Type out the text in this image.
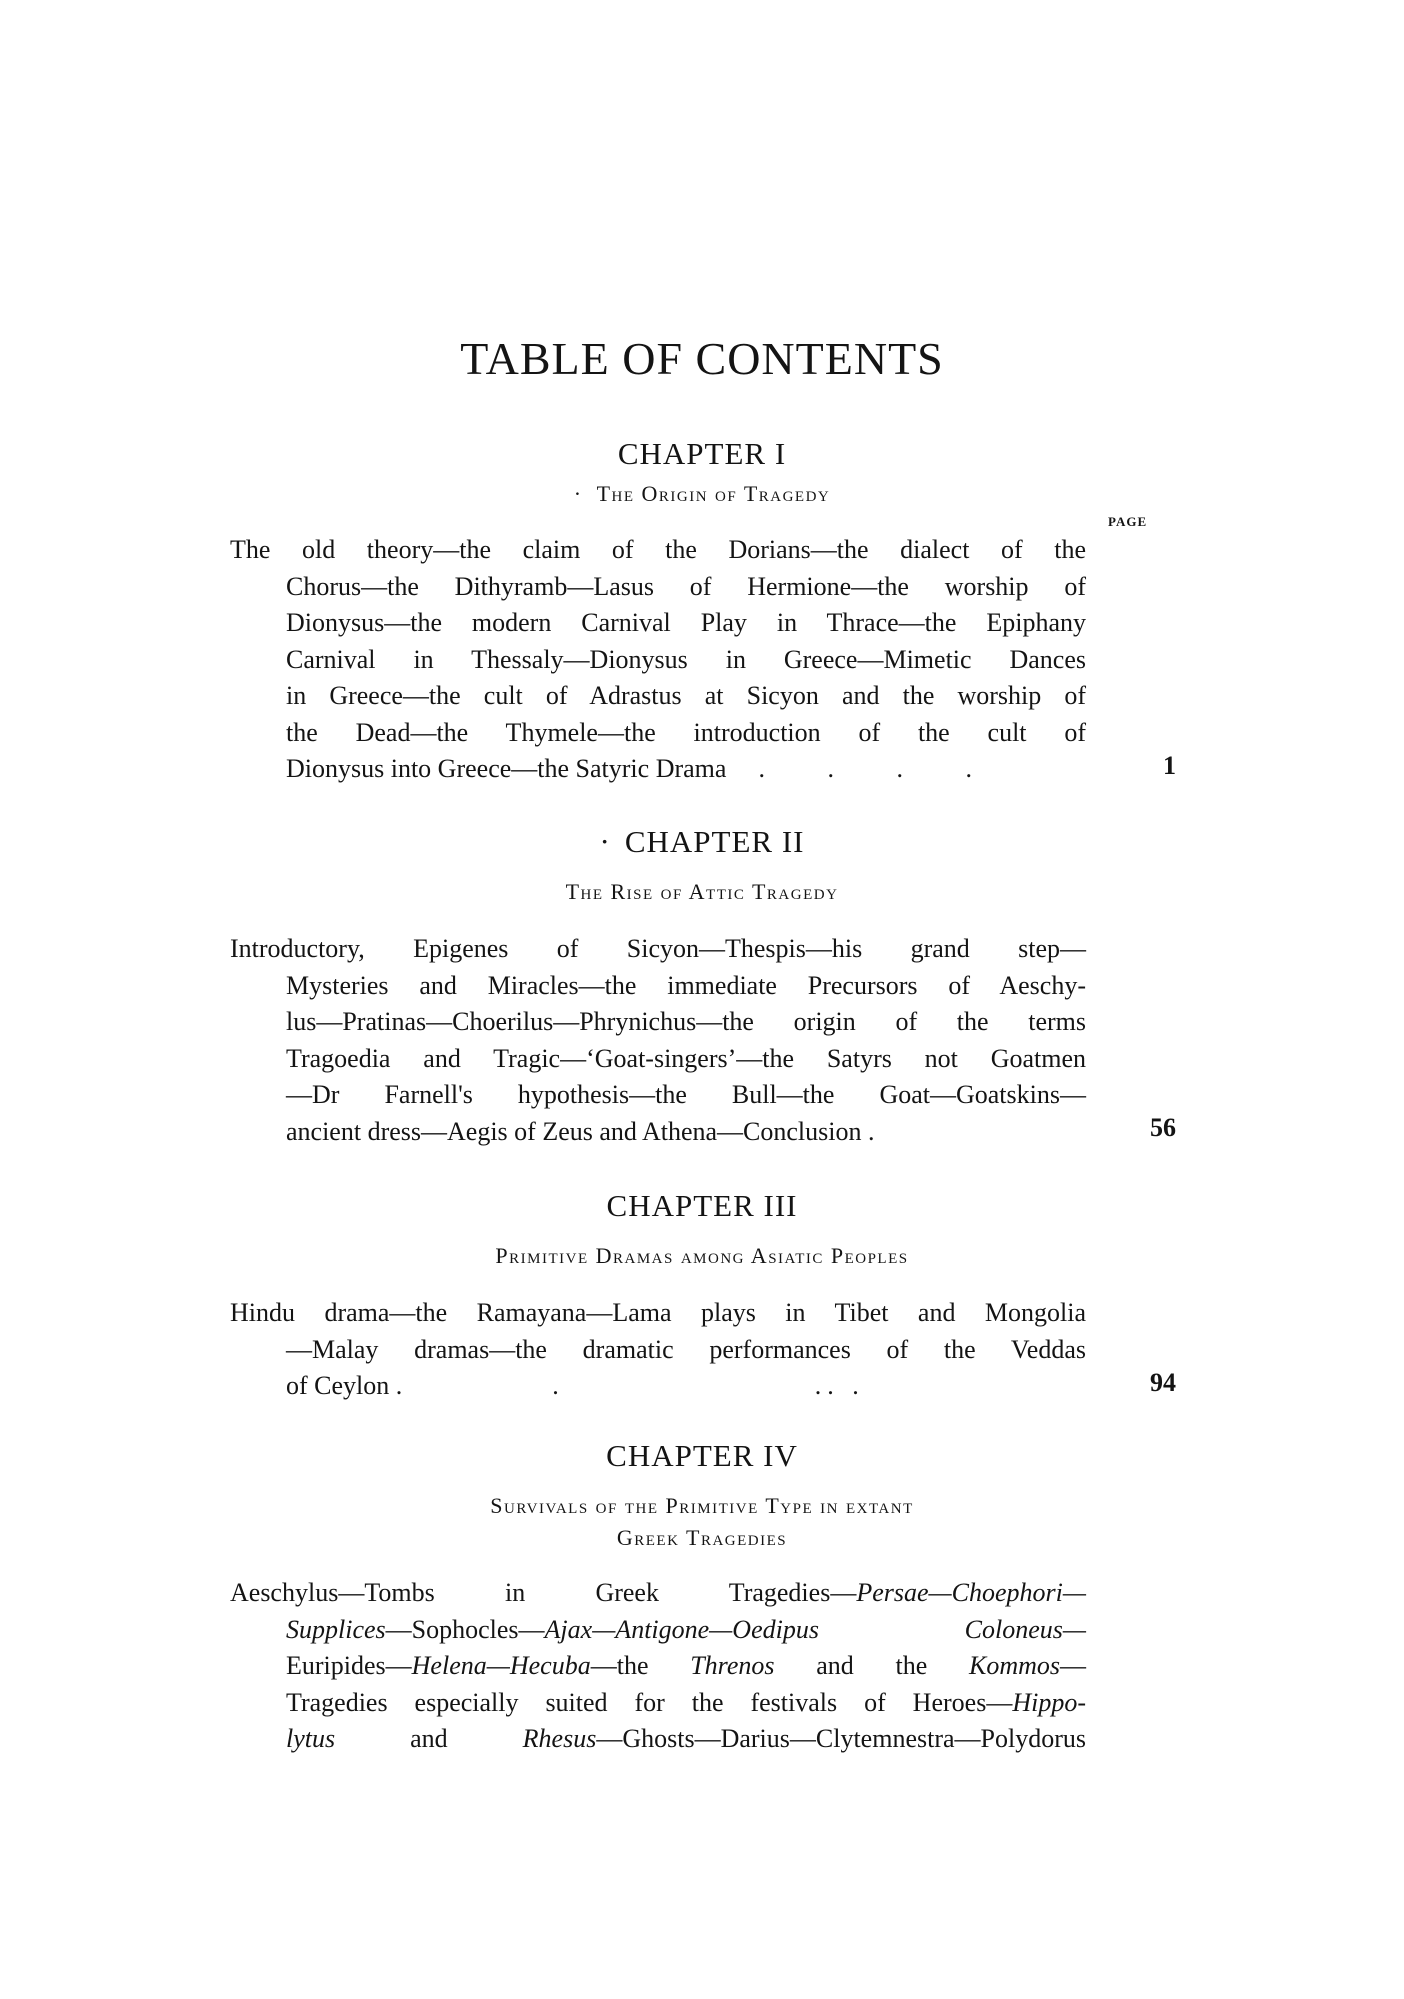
TABLE OF CONTENTS
CHAPTER I
· The Origin of Tragedy
PAGE
The old theory—the claim of the Dorians—the dialect of the
Chorus—the Dithyramb—Lasus of Hermione—the worship of
Dionysus—the modern Carnival Play in Thrace—the Epiphany
Carnival in Thessaly—Dionysus in Greece—Mimetic Dances
in Greece—the cult of Adrastus at Sicyon and the worship of
the Dead—the Thymele—the introduction of the cult of
Dionysus into Greece—the Satyric Drama . . . .	1
· CHAPTER II
The Rise of Attic Tragedy
Introductory, Epigenes of Sicyon—Thespis—his grand step—
Mysteries and Miracles—the immediate Precursors of Aeschy-
lus—Pratinas—Choerilus—Phrynichus—the origin of the terms
Tragoedia and Tragic—‘Goat-singers’—the Satyrs not Goatmen
—Dr Farnell's hypothesis—the Bull—the Goat—Goatskins—
ancient dress—Aegis of Zeus and Athena—Conclusion .	56
CHAPTER III
Primitive Dramas among Asiatic Peoples
Hindu drama—the Ramayana—Lama plays in Tibet and Mongolia
—Malay dramas—the dramatic performances of the Veddas
of Ceylon .	.                    .. .	94
CHAPTER IV
Survivals of the Primitive Type in extant
Greek Tragedies
Aeschylus—Tombs in Greek Tragedies—Persae—Choephori—
Supplices—Sophocles—Ajax—Antigone—Oedipus Coloneus—
Euripides—Helena—Hecuba—the Threnos and the Kommos—
Tragedies especially suited for the festivals of Heroes—Hippo-
lytus and Rhesus—Ghosts—Darius—Clytemnestra—Polydorus
